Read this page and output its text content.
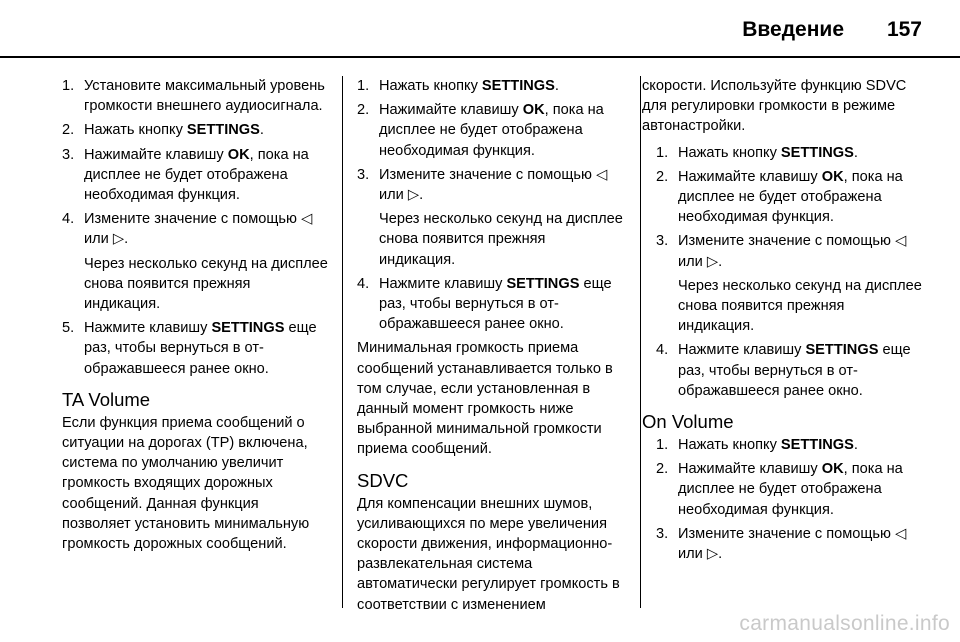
Введение 157
1. Установите максимальный уровень громкости внешнего аудиосигнала.
2. Нажать кнопку SETTINGS.
3. Нажимайте клавишу OK, пока на дисплее не будет отображена необходимая функция.
4. Измените значение с помощью ◁ или ▷.
Через несколько секунд на дисплее снова появится прежняя индикация.
5. Нажмите клавишу SETTINGS еще раз, чтобы вернуться в отображавшееся ранее окно.
TA Volume

Если функция приема сообщений о ситуации на дорогах (TP) включена, система по умолчанию увеличит громкость входящих дорожных сообщений. Данная функция позволяет установить минимальную громкость дорожных сообщений.

1. Нажать кнопку SETTINGS.
2. Нажимайте клавишу OK, пока на дисплее не будет отображена необходимая функция.
3. Измените значение с помощью ◁ или ▷.
Через несколько секунд на дисплее снова появится прежняя индикация.
4. Нажмите клавишу SETTINGS еще раз, чтобы вернуться в отображавшееся ранее окно.

Минимальная громкость приема сообщений устанавливается только в том случае, если установленная в данный момент громкость ниже выбранной минимальной громкости приема сообщений.

SDVC

Для компенсации внешних шумов, усиливающихся по мере увеличения скорости движения, информационно-развлекательная система автоматически регулирует громкость в соответствии с изменением

скорости. Используйте функцию SDVC для регулировки громкости в режиме автонастройки.

1. Нажать кнопку SETTINGS.
2. Нажимайте клавишу OK, пока на дисплее не будет отображена необходимая функция.
3. Измените значение с помощью ◁ или ▷.
Через несколько секунд на дисплее снова появится прежняя индикация.
4. Нажмите клавишу SETTINGS еще раз, чтобы вернуться в отображавшееся ранее окно.
On Volume
1. Нажать кнопку SETTINGS.
2. Нажимайте клавишу OK, пока на дисплее не будет отображена необходимая функция.
3. Измените значение с помощью ◁ или ▷.
carmanualsonline.info
